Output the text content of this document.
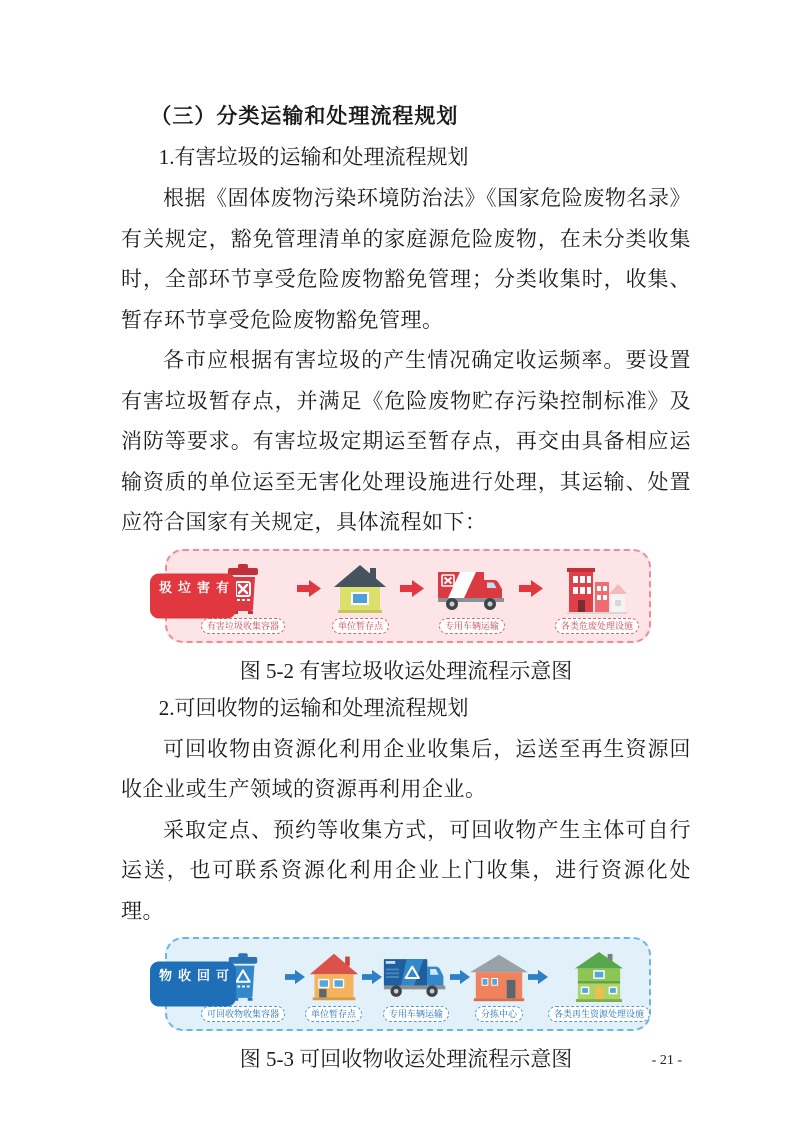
（三）分类运输和处理流程规划
1.有害垃圾的运输和处理流程规划
根据《固体废物污染环境防治法》《国家危险废物名录》有关规定，豁免管理清单的家庭源危险废物，在未分类收集时，全部环节享受危险废物豁免管理；分类收集时，收集、暂存环节享受危险废物豁免管理。
各市应根据有害垃圾的产生情况确定收运频率。要设置有害垃圾暂存点，并满足《危险废物贮存污染控制标准》及消防等要求。有害垃圾定期运至暂存点，再交由具备相应运输资质的单位运至无害化处理设施进行处理，其运输、处置应符合国家有关规定，具体流程如下：
有害垃圾
有害垃圾收集容器	单位暂存点	专用车辆运输	各类危废处理设施
图 5-2 有害垃圾收运处理流程示意图
2.可回收物的运输和处理流程规划
可回收物由资源化利用企业收集后，运送至再生资源回收企业或生产领域的资源再利用企业。
采取定点、预约等收集方式，可回收物产生主体可自行运送，也可联系资源化利用企业上门收集，进行资源化处理。
可回收物
可回收物收集容器	单位暂存点	专用车辆运输	分拣中心	各类再生资源处理设施
图 5-3 可回收物收运处理流程示意图	- 21 -
